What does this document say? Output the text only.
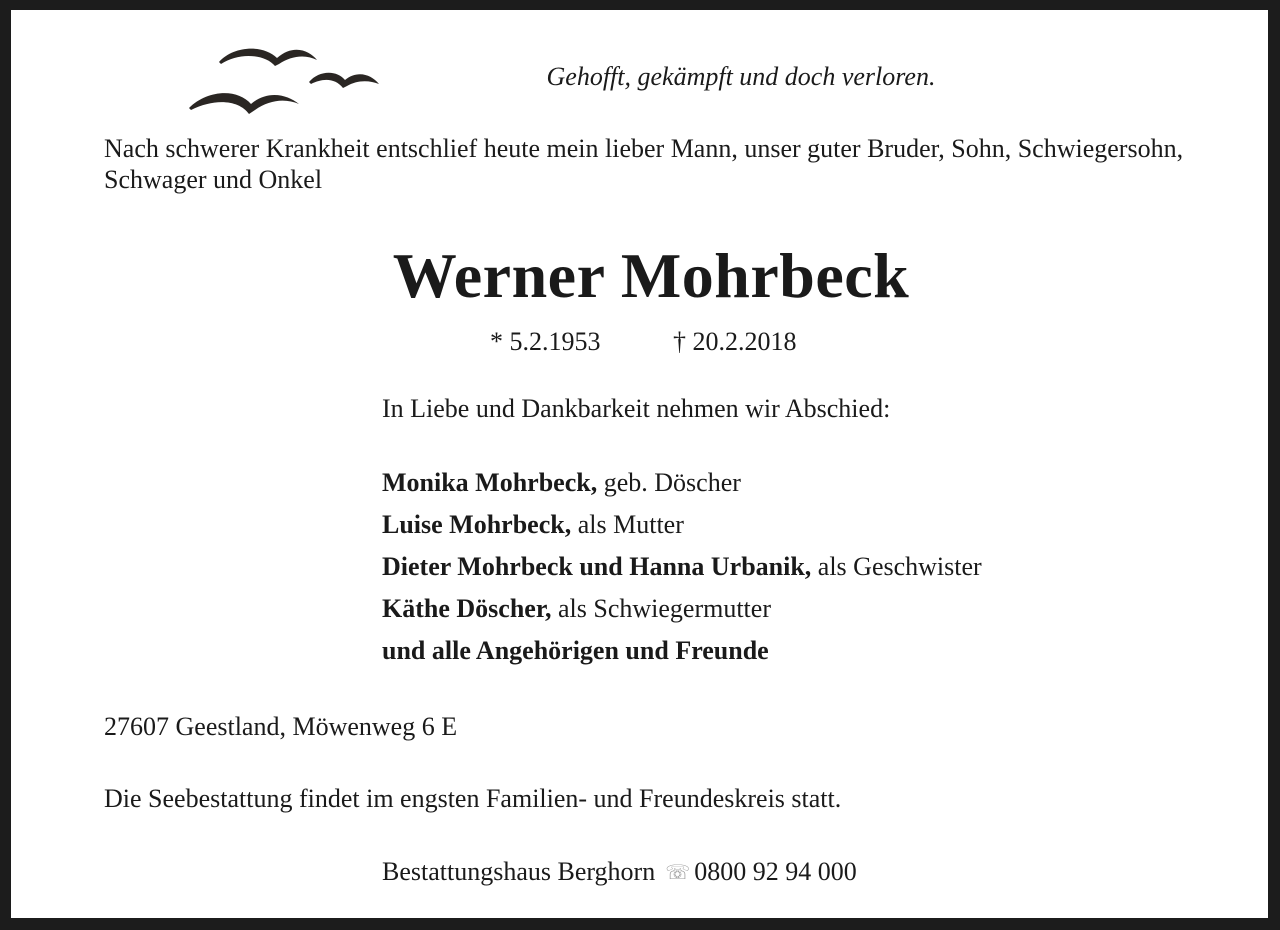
Gehofft, gekämpft und doch verloren.
Nach schwerer Krankheit entschlief heute mein lieber Mann, unser guter Bruder, Sohn, Schwiegersohn, Schwager und Onkel
Werner Mohrbeck
* 5.2.1953	† 20.2.2018
In Liebe und Dankbarkeit nehmen wir Abschied:
Monika Mohrbeck, geb. Döscher
Luise Mohrbeck, als Mutter
Dieter Mohrbeck und Hanna Urbanik, als Geschwister
Käthe Döscher, als Schwiegermutter
und alle Angehörigen und Freunde
27607 Geestland, Möwenweg 6 E
Die Seebestattung findet im engsten Familien- und Freundeskreis statt.
Bestattungshaus Berghorn ☏ 0800 92 94 000
